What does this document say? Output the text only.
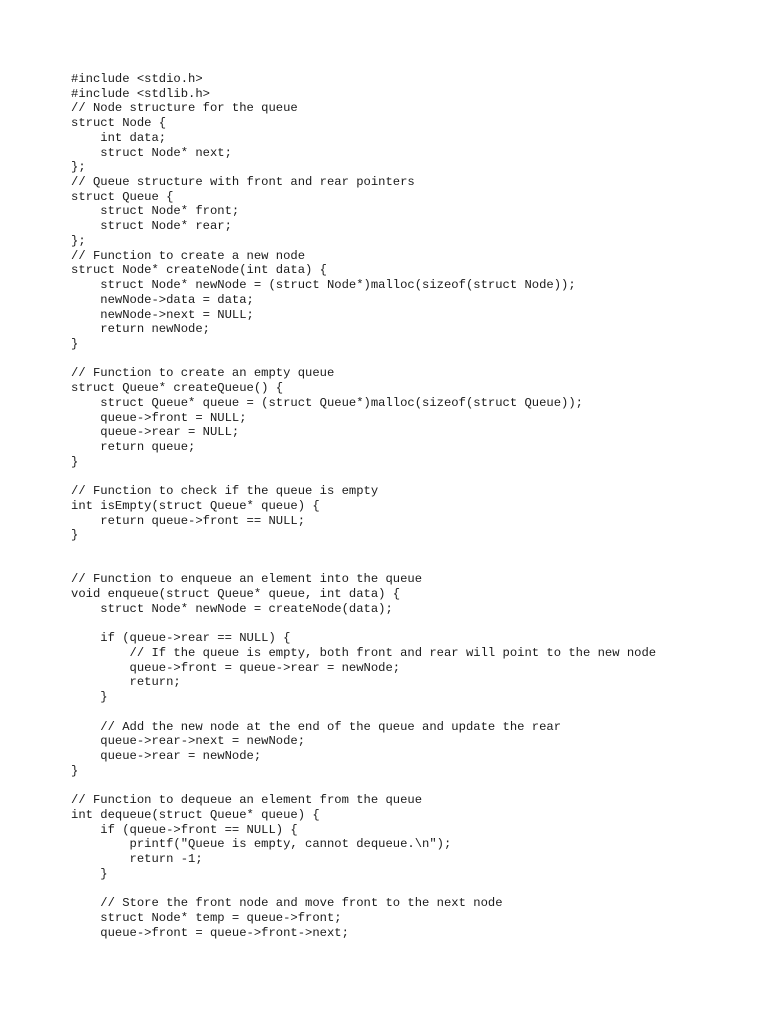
#include <stdio.h>
#include <stdlib.h>
// Node structure for the queue
struct Node {
int data;
struct Node* next;
};
// Queue structure with front and rear pointers
struct Queue {
struct Node* front;
struct Node* rear;
};
// Function to create a new node
struct Node* createNode(int data) {
struct Node* newNode = (struct Node*)malloc(sizeof(struct Node));
newNode->data = data;
newNode->next = NULL;
return newNode;
}
// Function to create an empty queue
struct Queue* createQueue() {
struct Queue* queue = (struct Queue*)malloc(sizeof(struct Queue));
queue->front = NULL;
queue->rear = NULL;
return queue;
}
// Function to check if the queue is empty
int isEmpty(struct Queue* queue) {
return queue->front == NULL;
}
// Function to enqueue an element into the queue
void enqueue(struct Queue* queue, int data) {
struct Node* newNode = createNode(data);
if (queue->rear == NULL) {
// If the queue is empty, both front and rear will point to the new node
queue->front = queue->rear = newNode;
return;
}
// Add the new node at the end of the queue and update the rear
queue->rear->next = newNode;
queue->rear = newNode;
}
// Function to dequeue an element from the queue
int dequeue(struct Queue* queue) {
if (queue->front == NULL) {
printf("Queue is empty, cannot dequeue.\n");
return -1;
}
// Store the front node and move front to the next node
struct Node* temp = queue->front;
queue->front = queue->front->next;
